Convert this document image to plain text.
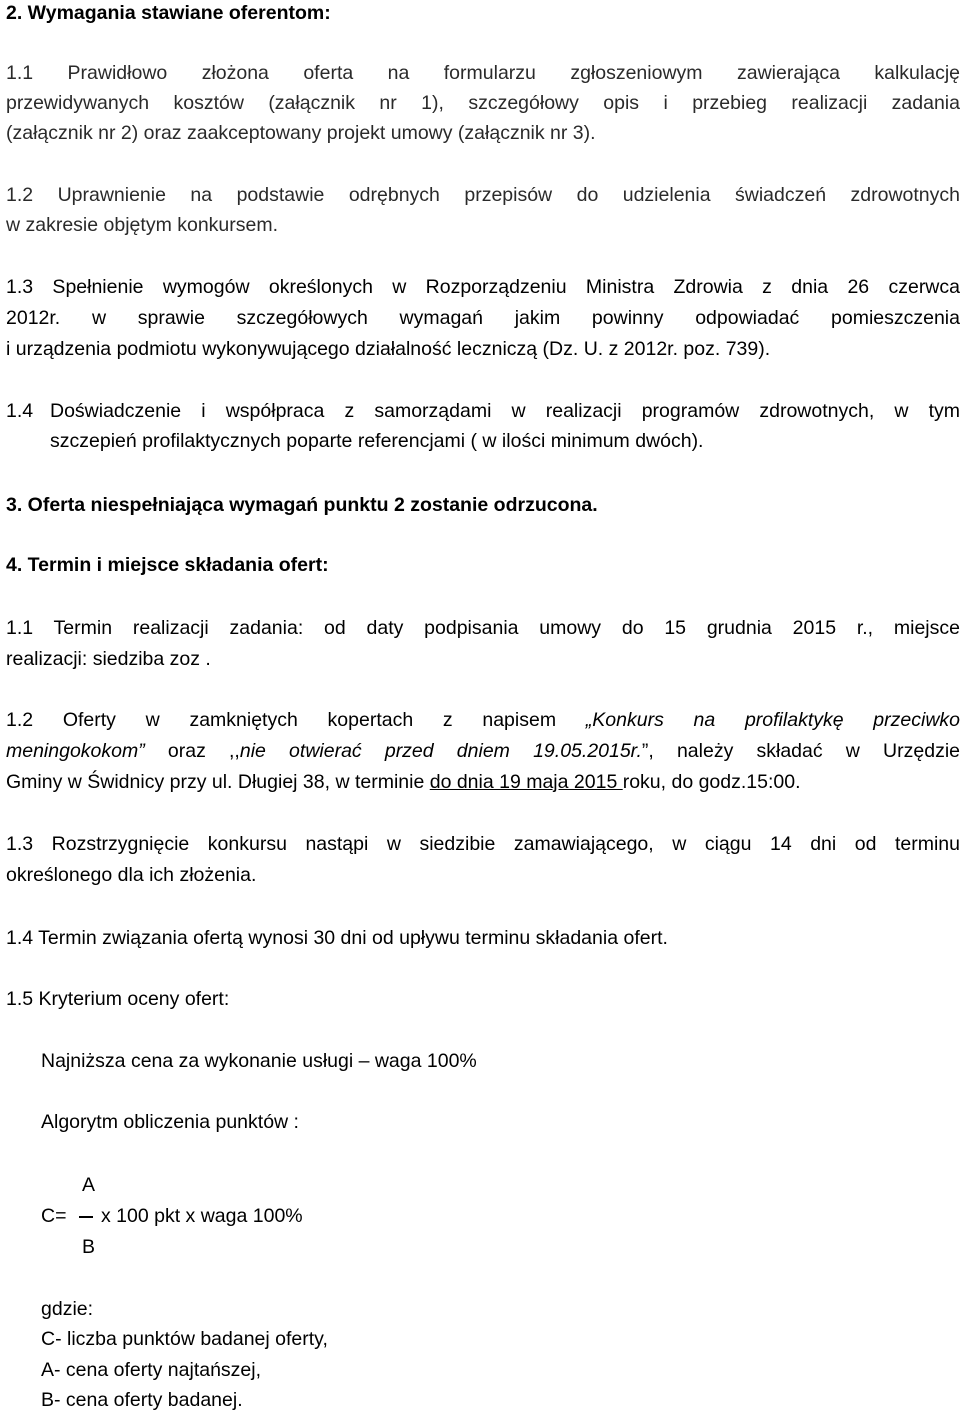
2. Wymagania stawiane oferentom:
1.1 Prawidłowo złożona oferta na formularzu zgłoszeniowym zawierająca kalkulację
przewidywanych kosztów (załącznik nr 1), szczegółowy opis i przebieg realizacji zadania
(załącznik nr 2) oraz zaakceptowany projekt umowy (załącznik nr 3).
1.2 Uprawnienie na podstawie odrębnych przepisów do udzielenia świadczeń zdrowotnych
w zakresie objętym konkursem.
1.3 Spełnienie wymogów określonych w Rozporządzeniu Ministra Zdrowia z dnia 26 czerwca
2012r. w sprawie szczegółowych wymagań jakim powinny odpowiadać pomieszczenia
i urządzenia podmiotu wykonywującego działalność leczniczą (Dz. U. z 2012r. poz. 739).
1.4 Doświadczenie i współpraca z samorządami w realizacji programów zdrowotnych, w tym
szczepień profilaktycznych poparte referencjami ( w ilości minimum dwóch).
3. Oferta niespełniająca wymagań punktu 2 zostanie odrzucona.
4. Termin i miejsce składania ofert:
1.1 Termin realizacji zadania: od daty podpisania umowy do 15 grudnia 2015 r., miejsce
realizacji: siedziba zoz .
1.2 Oferty w zamkniętych kopertach z napisem „Konkurs na profilaktykę przeciwko
meningokokom” oraz ,,nie otwierać przed dniem 19.05.2015r.”, należy składać w Urzędzie
Gminy w Świdnicy przy ul. Długiej 38, w terminie do dnia 19 maja 2015 roku, do godz.15:00.
1.3 Rozstrzygnięcie konkursu nastąpi w siedzibie zamawiającego, w ciągu 14 dni od terminu
określonego dla ich złożenia.
1.4 Termin związania ofertą wynosi 30 dni od upływu terminu składania ofert.
1.5 Kryterium oceny ofert:
Najniższa cena za wykonanie usługi – waga 100%
Algorytm obliczenia punktów :
A
C=	x 100 pkt x waga 100%
B
gdzie:
C- liczba punktów badanej oferty,
A- cena oferty najtańszej,
B- cena oferty badanej.
